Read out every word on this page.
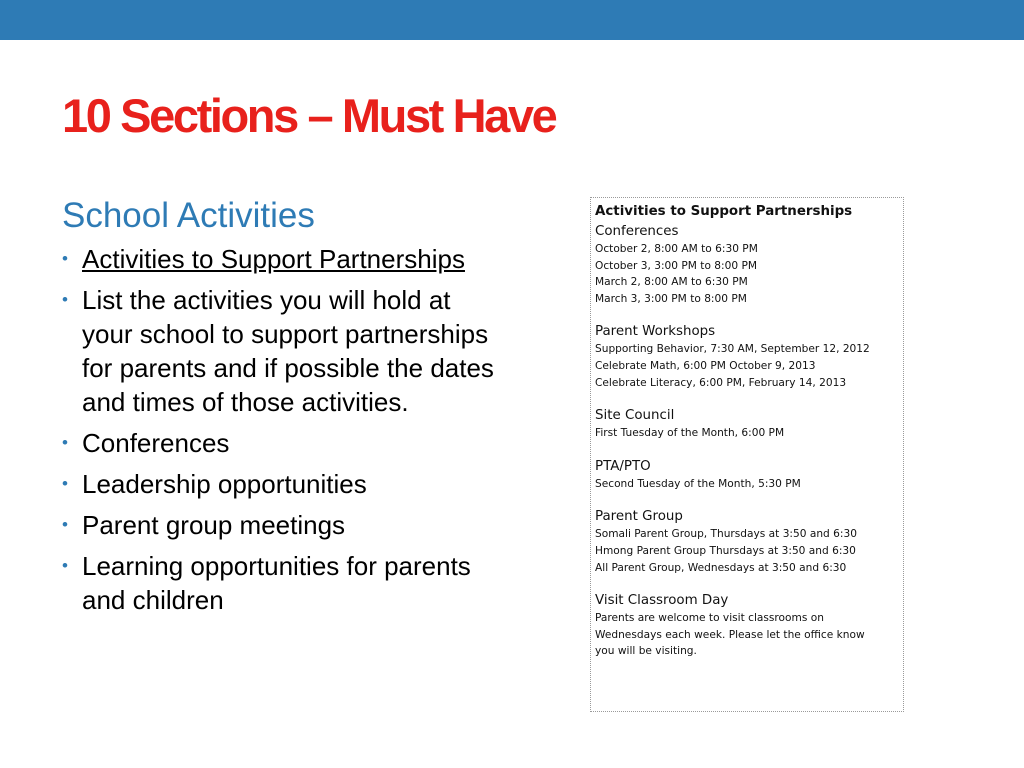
10 Sections – Must Have
School Activities
• Activities to Support Partnerships
• List the activities you will hold at your school to support partnerships for parents and if possible the dates and times of those activities.
• Conferences
• Leadership opportunities
• Parent group meetings
• Learning opportunities for parents and children
Activities to Support Partnerships
Conferences
October 2, 8:00 AM to 6:30 PM
October 3, 3:00 PM to 8:00 PM
March 2, 8:00 AM to 6:30 PM
March 3, 3:00 PM to 8:00 PM
Parent Workshops
Supporting Behavior, 7:30 AM, September 12, 2012
Celebrate Math, 6:00 PM October 9, 2013
Celebrate Literacy, 6:00 PM, February 14, 2013
Site Council
First Tuesday of the Month, 6:00 PM
PTA/PTO
Second Tuesday of the Month, 5:30 PM
Parent Group
Somali Parent Group, Thursdays at 3:50 and 6:30
Hmong Parent Group Thursdays at 3:50 and 6:30
All Parent Group, Wednesdays at 3:50 and 6:30
Visit Classroom Day
Parents are welcome to visit classrooms on
Wednesdays each week. Please let the office know
you will be visiting.
